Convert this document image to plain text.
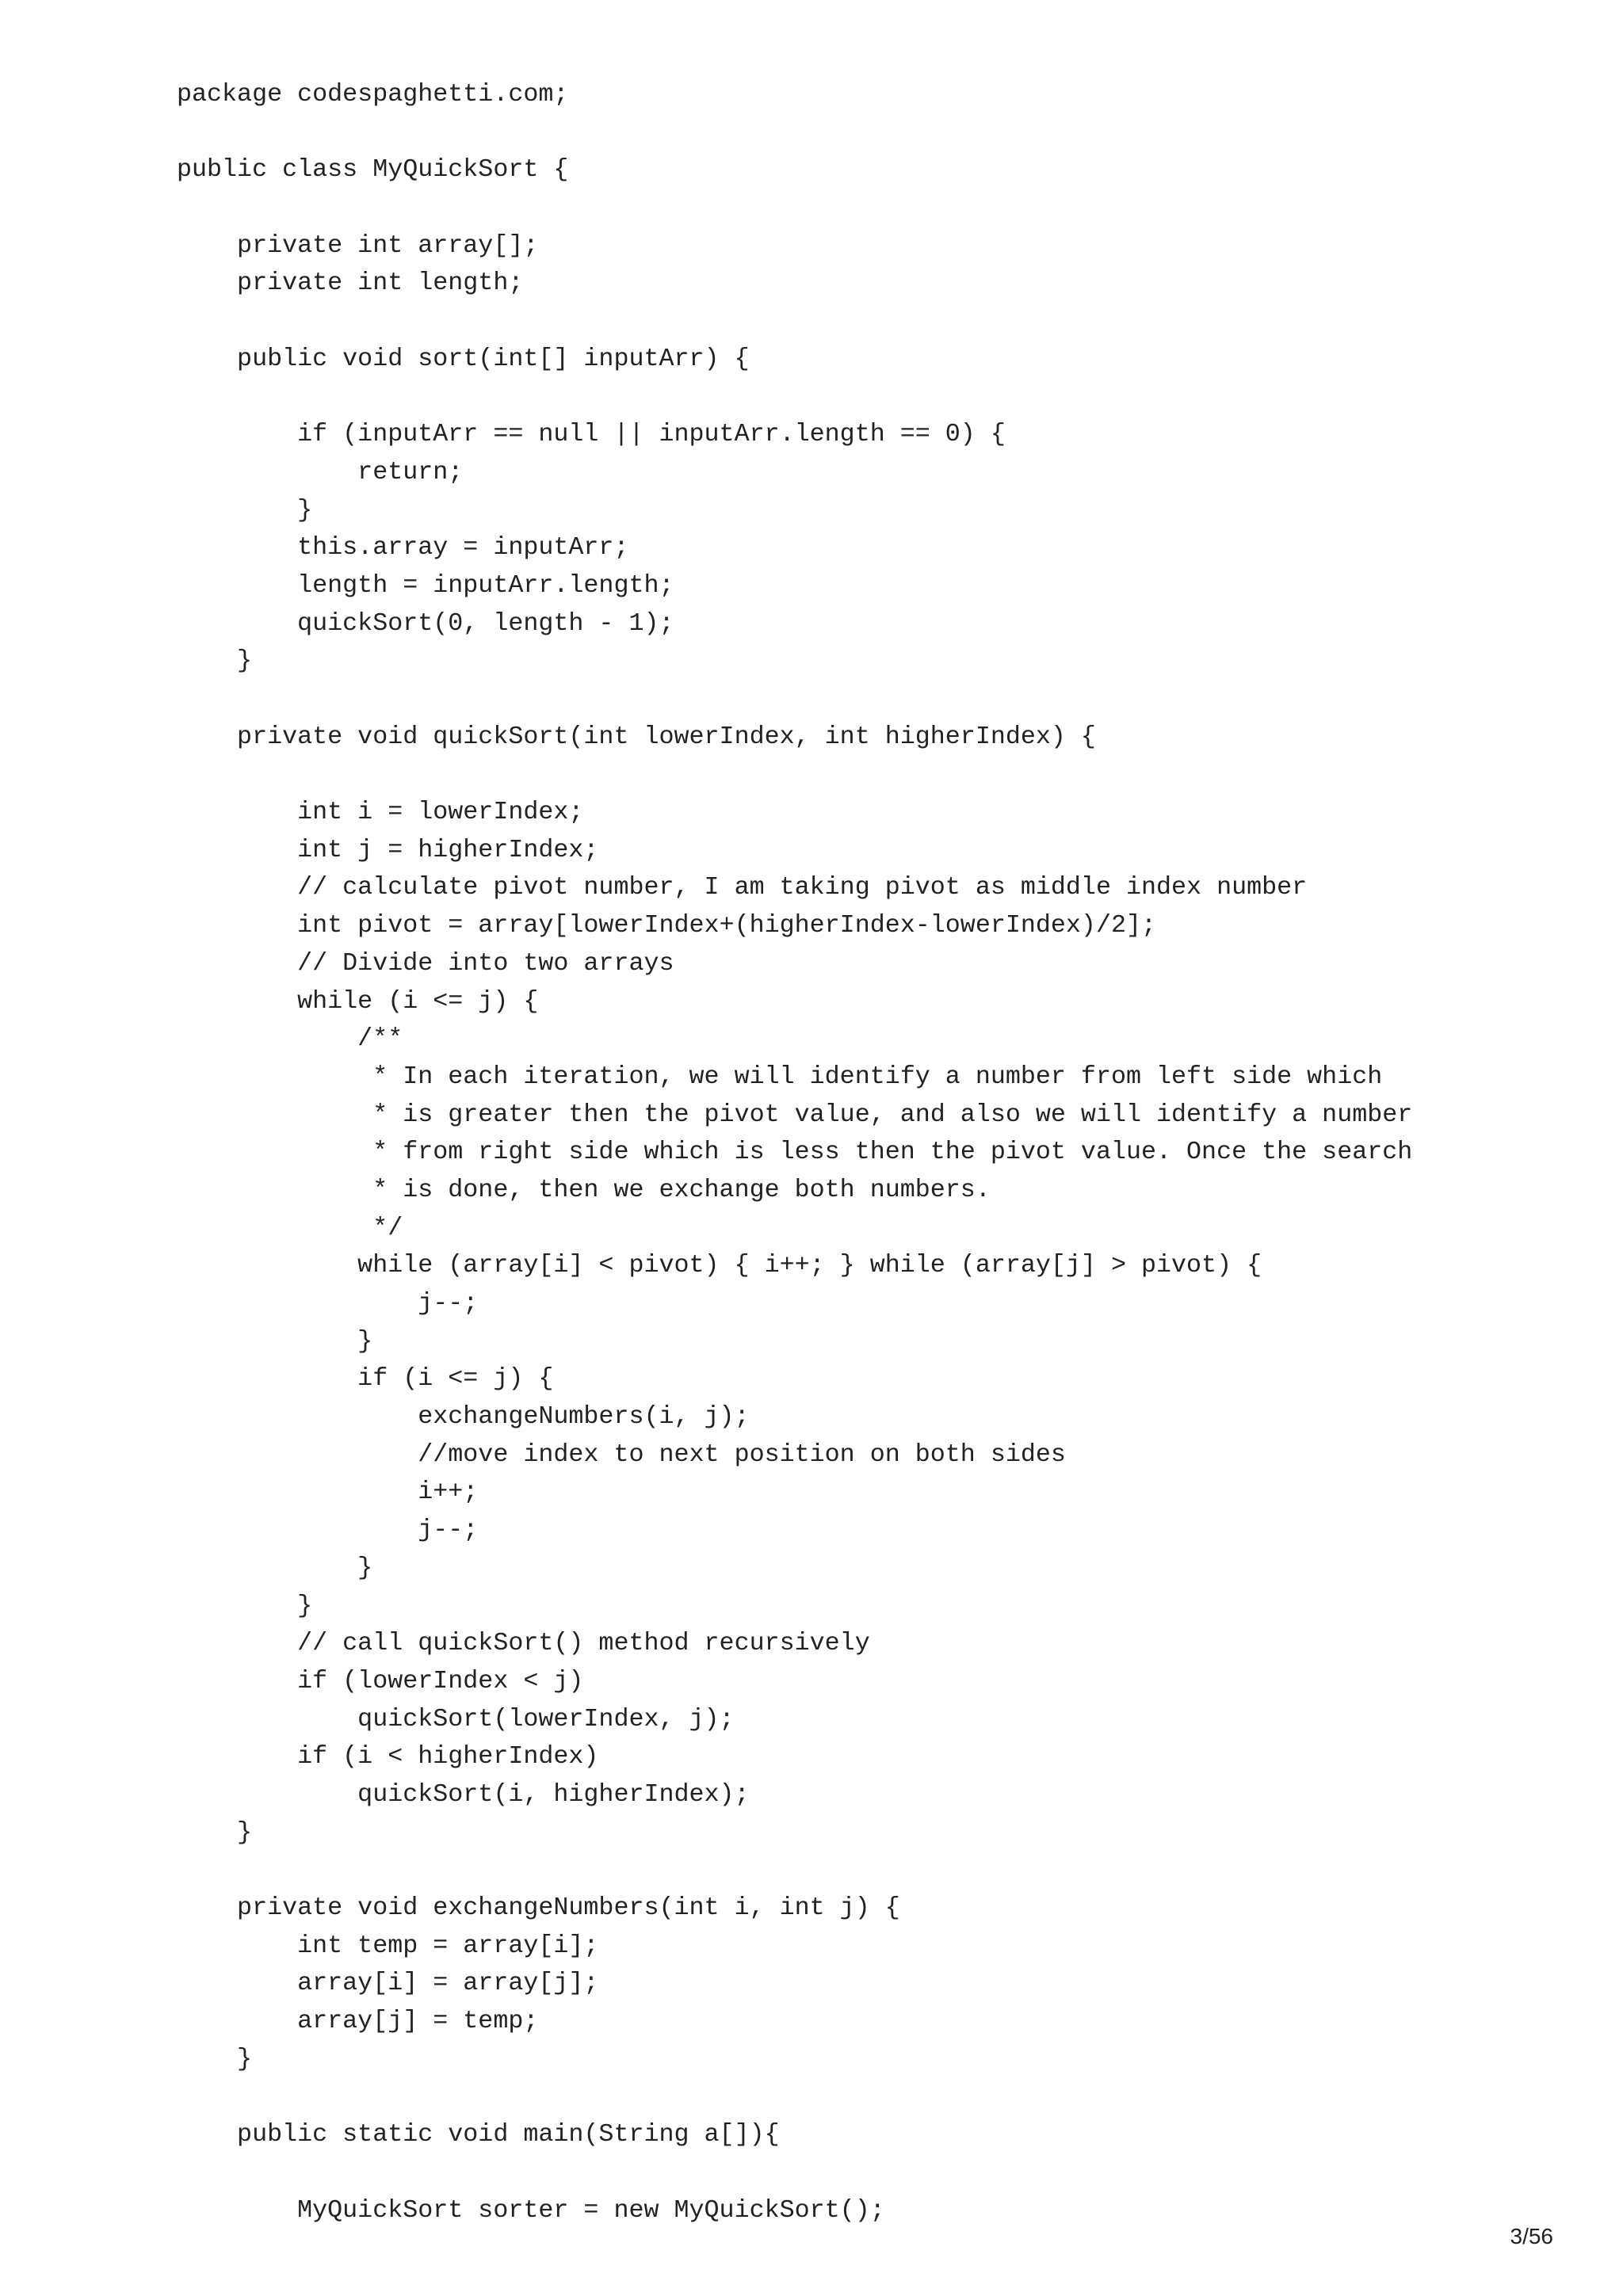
package codespaghetti.com;
public class MyQuickSort {
private int array[];
private int length;
public void sort(int[] inputArr) {
if (inputArr == null || inputArr.length == 0) {
return;
}
this.array = inputArr;
length = inputArr.length;
quickSort(0, length - 1);
}
private void quickSort(int lowerIndex, int higherIndex) {
int i = lowerIndex;
int j = higherIndex;
// calculate pivot number, I am taking pivot as middle index number
int pivot = array[lowerIndex+(higherIndex-lowerIndex)/2];
// Divide into two arrays
while (i <= j) {
/**
* In each iteration, we will identify a number from left side which
* is greater then the pivot value, and also we will identify a number
* from right side which is less then the pivot value. Once the search
* is done, then we exchange both numbers.
*/
while (array[i] < pivot) { i++; } while (array[j] > pivot) {
j--;
}
if (i <= j) {
exchangeNumbers(i, j);
//move index to next position on both sides
i++;
j--;
}
}
// call quickSort() method recursively
if (lowerIndex < j)
quickSort(lowerIndex, j);
if (i < higherIndex)
quickSort(i, higherIndex);
}
private void exchangeNumbers(int i, int j) {
int temp = array[i];
array[i] = array[j];
array[j] = temp;
}
public static void main(String a[]){
MyQuickSort sorter = new MyQuickSort();
3/56
